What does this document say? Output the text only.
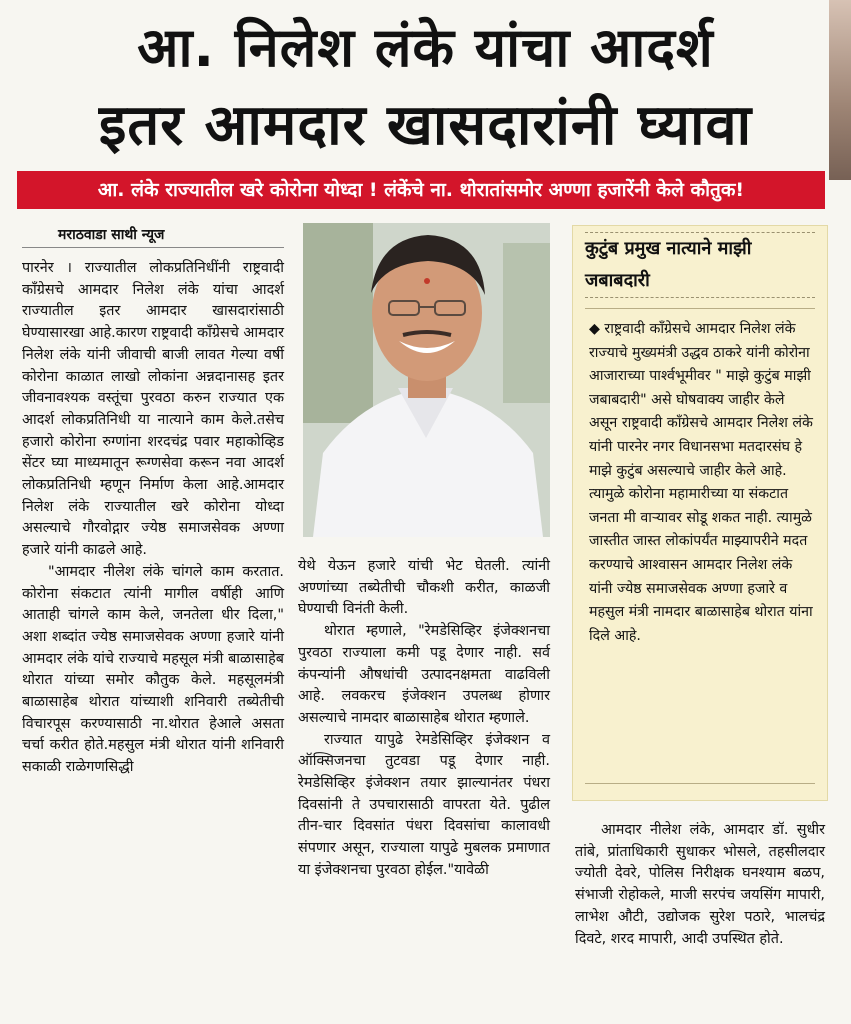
आ. निलेश लंके यांचा आदर्श
इतर आमदार खासदारांनी घ्यावा
आ. लंके राज्यातील खरे कोरोना योध्दा ! लंकेंचे ना. थोरातांसमोर अण्णा हजारेंनी केले कौतुक!
मराठवाडा साथी न्यूज

पारनेर । राज्यातील लोकप्रतिनिधींनी राष्ट्रवादी काँग्रेसचे आमदार निलेश लंके यांचा आदर्श राज्यातील इतर आमदार खासदारांसाठी घेण्यासारखा आहे.कारण राष्ट्रवादी काँग्रेसचे आमदार निलेश लंके यांनी जीवाची बाजी लावत गेल्या वर्षी कोरोना काळात लाखो लोकांना अन्नदानासह इतर जीवनावश्यक वस्तूंचा पुरवठा करुन राज्यात एक आदर्श लोकप्रतिनिधी या नात्याने काम केले.तसेच हजारो कोरोना रुग्णांना शरदचंद्र पवार महाकोव्हिड सेंटर घ्या माध्यमातून रूग्णसेवा करून नवा आदर्श लोकप्रतिनिधी म्हणून निर्माण केला आहे.आमदार निलेश लंके राज्यातील खरे कोरोना योध्दा असल्याचे गौरवोद्गार ज्येष्ठ समाजसेवक अण्णा हजारे यांनी काढले आहे.

"आमदार नीलेश लंके चांगले काम करतात. कोरोना संकटात त्यांनी मागील वर्षीही आणि आताही चांगले काम केले, जनतेला धीर दिला," अशा शब्दांत ज्येष्ठ समाजसेवक अण्णा हजारे यांनी आमदार लंके यांचे राज्याचे महसूल मंत्री बाळासाहेब थोरात यांच्या समोर कौतुक केले. महसूलमंत्री बाळासाहेब थोरात यांच्याशी शनिवारी तब्येतीची विचारपूस करण्यासाठी ना.थोरात हेआले असता चर्चा करीत होते.महसुल मंत्री थोरात यांनी शनिवारी सकाळी राळेगणसिद्धी

येथे येऊन हजारे यांची भेट घेतली. त्यांनी अण्णांच्या तब्येतीची चौकशी करीत, काळजी घेण्याची विनंती केली.

थोरात म्हणाले, "रेमडेसिव्हिर इंजेक्शनचा पुरवठा राज्याला कमी पडू देणार नाही. सर्व कंपन्यांनी औषधांची उत्पादनक्षमता वाढविली आहे. लवकरच इंजेक्शन उपलब्ध होणार असल्याचे नामदार बाळासाहेब थोरात म्हणाले.

राज्यात यापुढे रेमडेसिव्हिर इंजेक्शन व ऑक्सिजनचा तुटवडा पडू देणार नाही. रेमडेसिव्हिर इंजेक्शन तयार झाल्यानंतर पंधरा दिवसांनी ते उपचारासाठी वापरता येते. पुढील तीन-चार दिवसांत पंधरा दिवसांचा कालावधी संपणार असून, राज्याला यापुढे मुबलक प्रमाणात या इंजेक्शनचा पुरवठा होईल."यावेळी

कुटुंब प्रमुख नात्याने माझी जबाबदारी
◆ राष्ट्रवादी काँग्रेसचे आमदार निलेश लंके राज्याचे मुख्यमंत्री उद्धव ठाकरे यांनी कोरोना आजाराच्या पार्श्वभूमीवर " माझे कुटुंब माझी जबाबदारी" असे घोषवाक्य जाहीर केले असून राष्ट्रवादी काँग्रेसचे आमदार निलेश लंके यांनी पारनेर नगर विधानसभा मतदारसंघ हे माझे कुटुंब असल्याचे जाहीर केले आहे. त्यामुळे कोरोना महामारीच्या या संकटात जनता मी वाऱ्यावर सोडू शकत नाही. त्यामुळे जास्तीत जास्त लोकांपर्यंत माझ्यापरीने मदत करण्याचे आश्वासन आमदार निलेश लंके यांनी ज्येष्ठ समाजसेवक अण्णा हजारे व महसुल मंत्री नामदार बाळासाहेब थोरात यांना दिले आहे.

आमदार नीलेश लंके, आमदार डॉ. सुधीर तांबे, प्रांताधिकारी सुधाकर भोसले, तहसीलदार ज्योती देवरे, पोलिस निरीक्षक घनश्याम बळप, संभाजी रोहोकले, माजी सरपंच जयसिंग मापारी, लाभेश औटी, उद्योजक सुरेश पठारे, भालचंद्र दिवटे, शरद मापारी, आदी उपस्थित होते.
